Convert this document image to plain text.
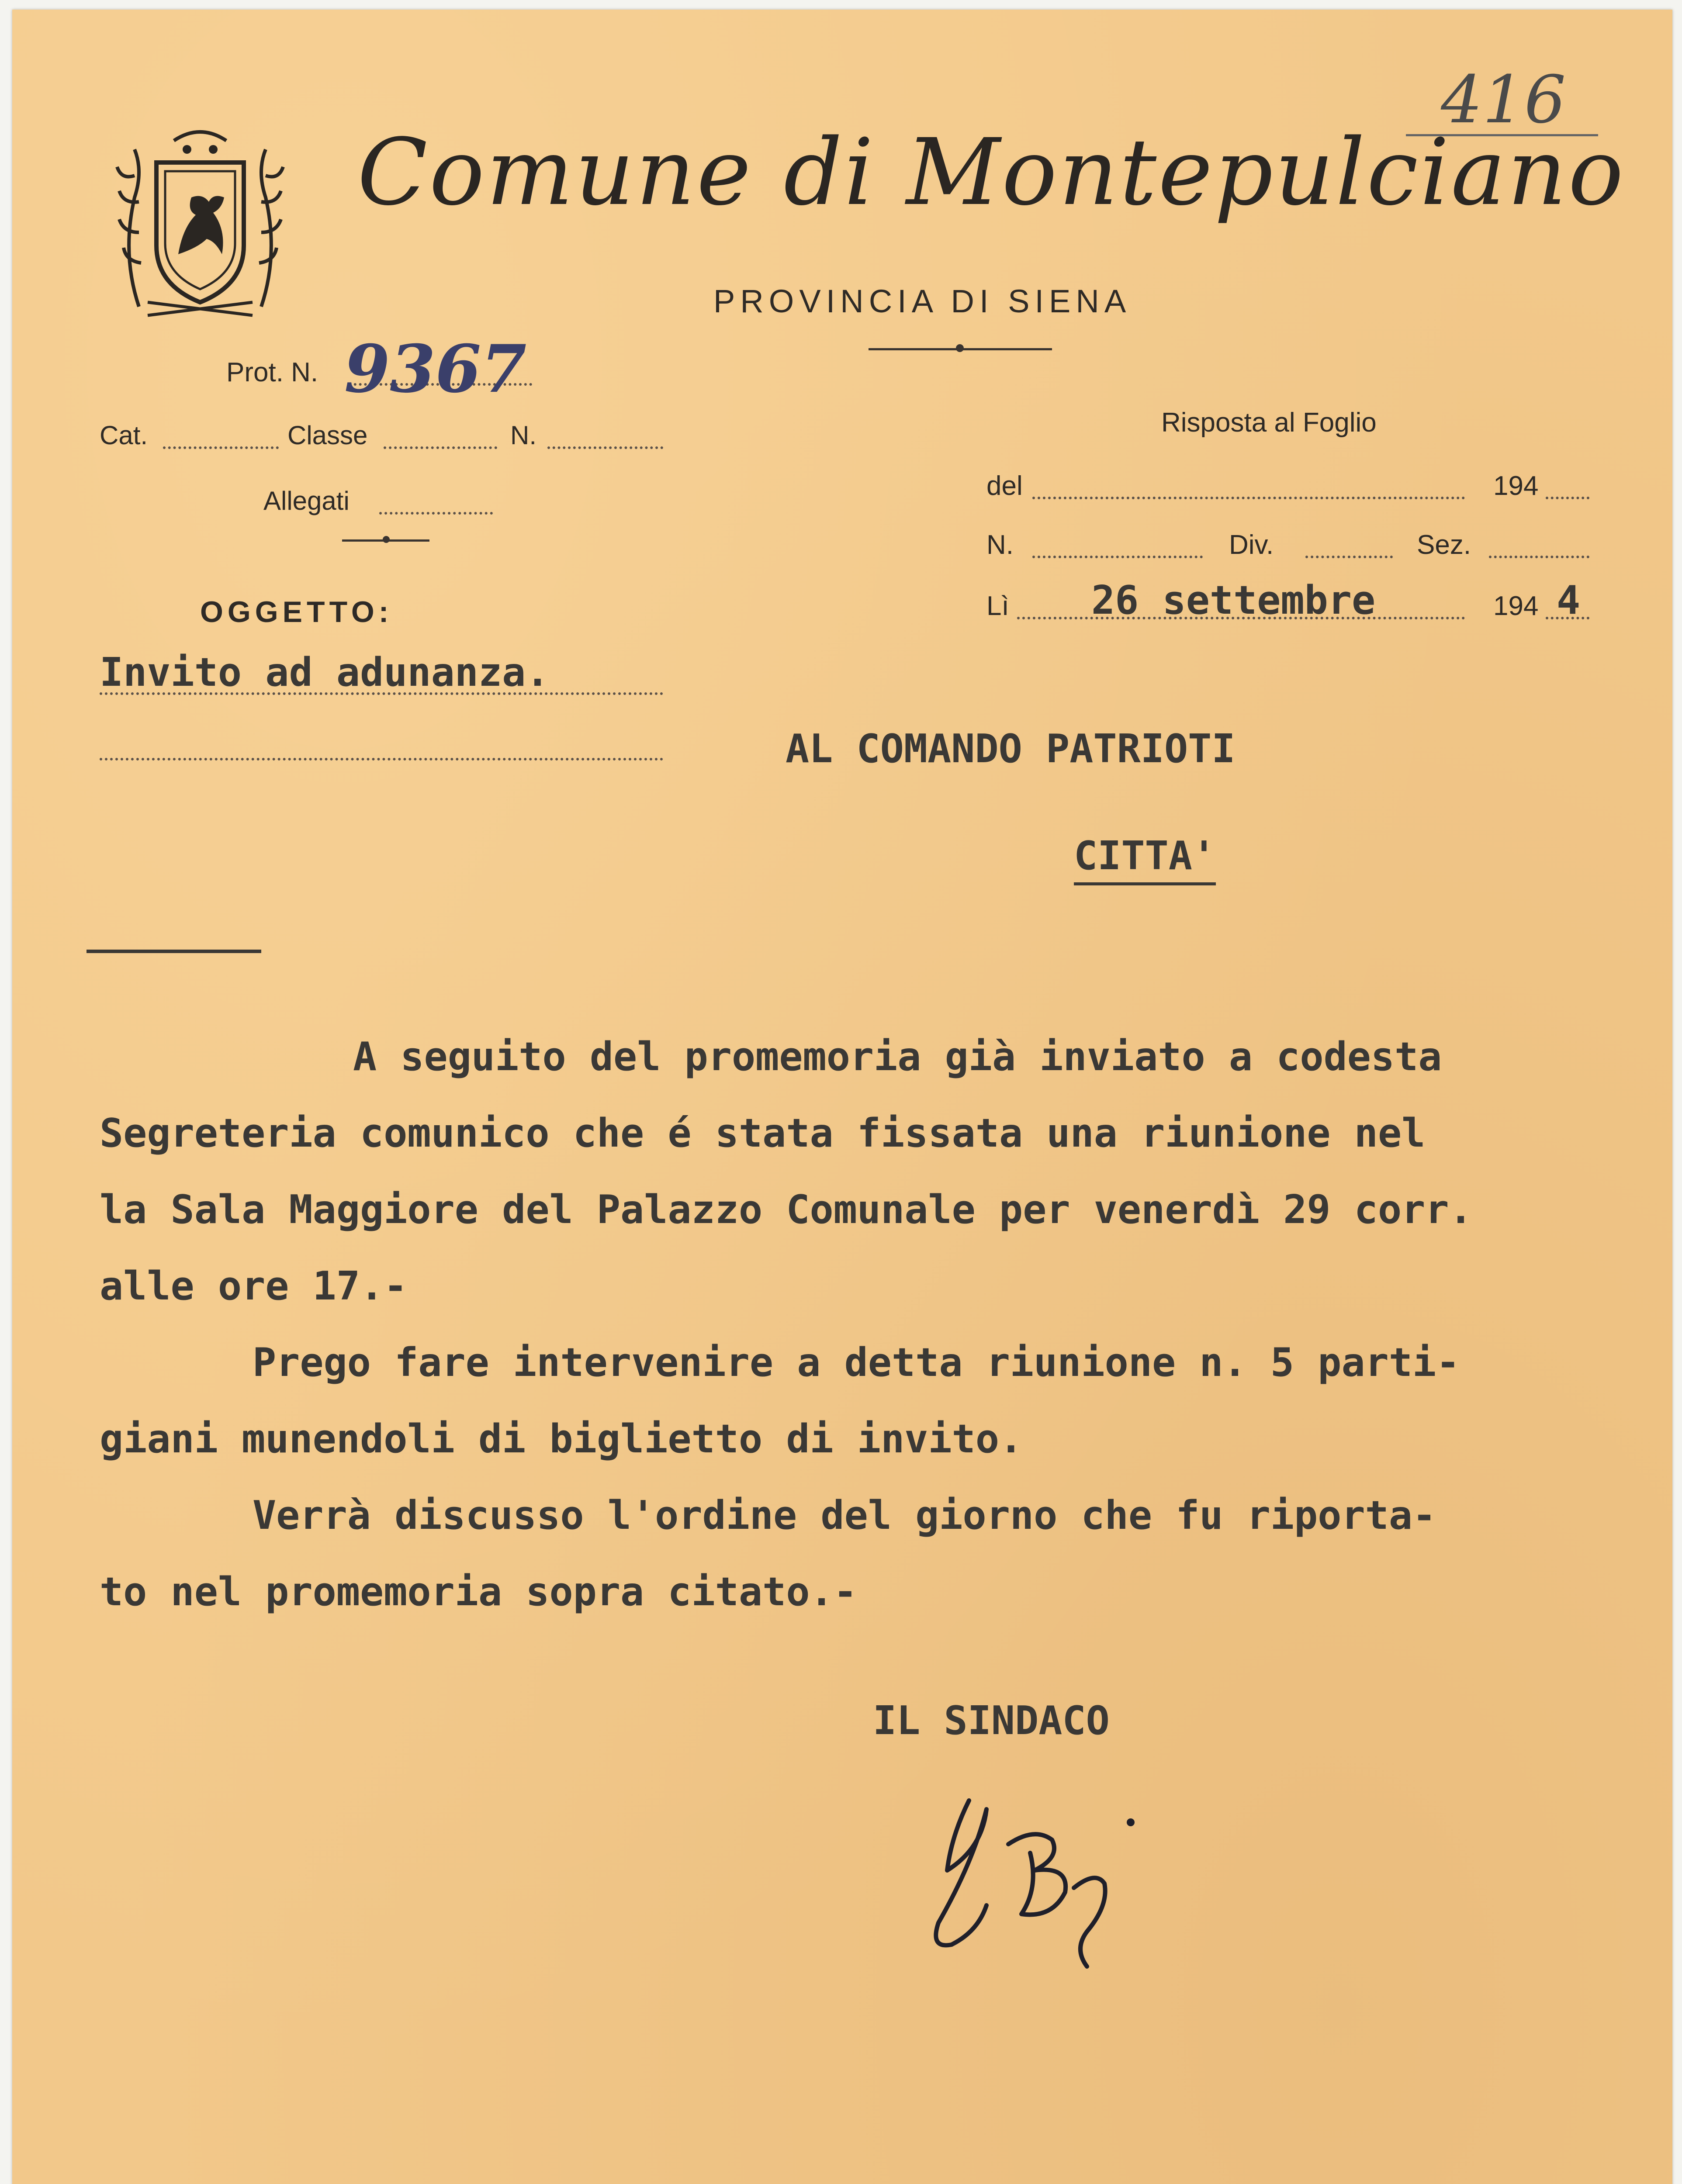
416
Comune di Montepulciano
PROVINCIA DI SIENA
Prot. N. 9367
Cat.	Classe	N.
Allegati
OGGETTO:
Invito ad adunanza.
Risposta al Foglio
del	194
N.	Div.	Sez.
Lì 26 settembre	194 4
AL COMANDO PATRIOTI
CITTA'
A seguito del promemoria già inviato a codesta
Segreteria comunico che é stata fissata una riunione nel
la Sala Maggiore del Palazzo Comunale per venerdì 29 corr.
alle ore 17.-
Prego fare intervenire a detta riunione n. 5 parti-
giani munendoli di biglietto di invito.
Verrà discusso l'ordine del giorno che fu riporta-
to nel promemoria sopra citato.-
IL SINDACO
